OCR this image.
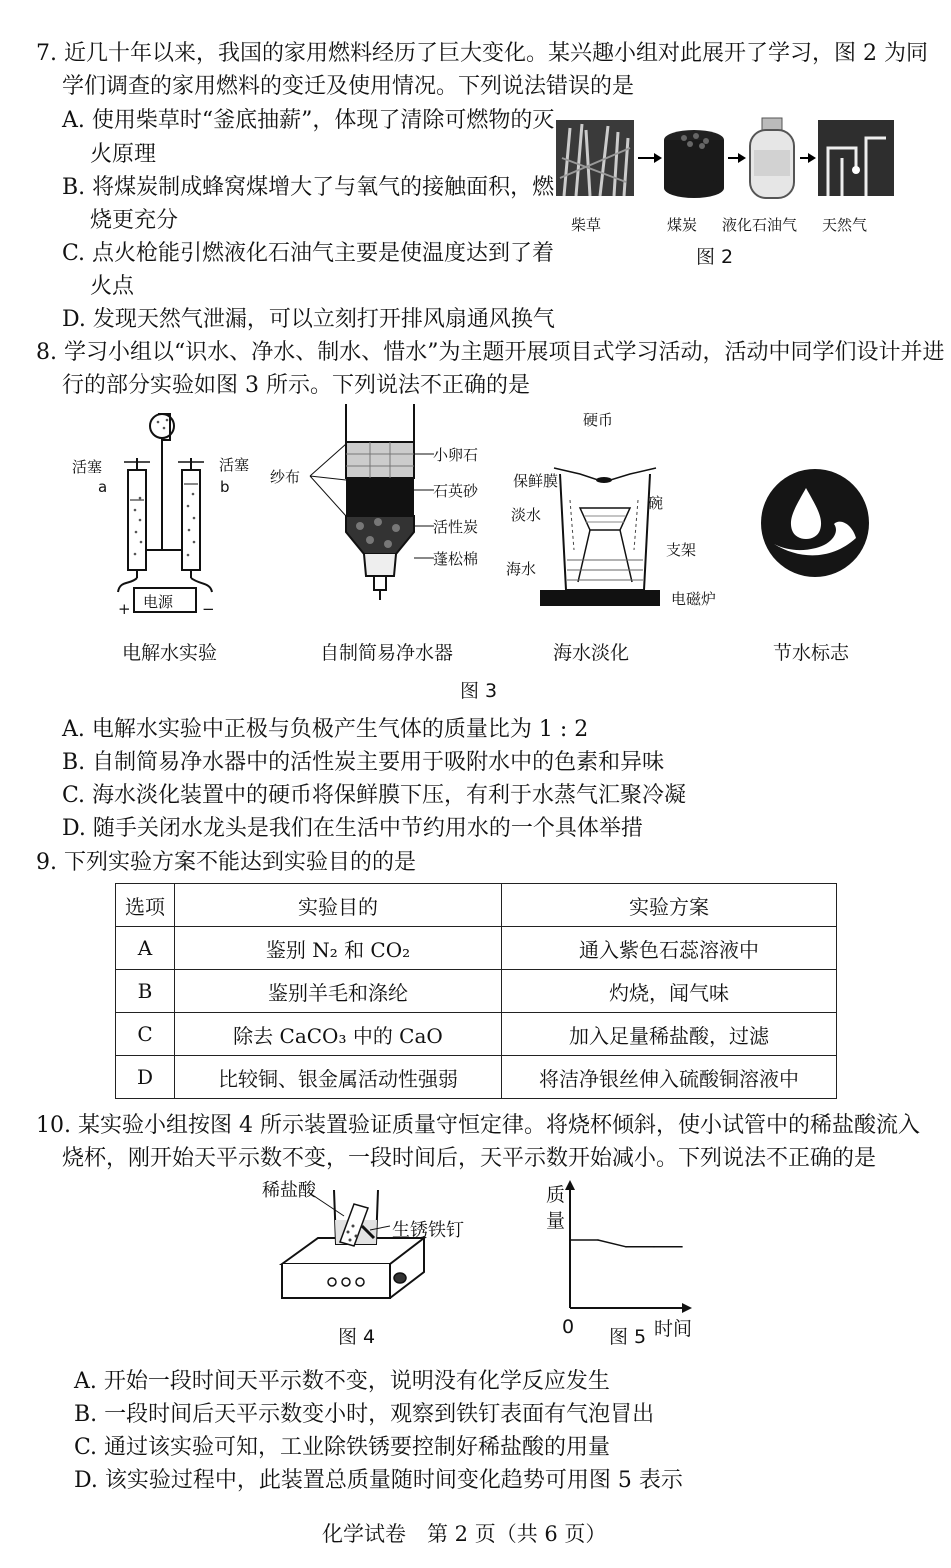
7. 近几十年以来，我国的家用燃料经历了巨大变化。某兴趣小组对此展开了学习，图 2 为同
学们调查的家用燃料的变迁及使用情况。下列说法错误的是
A. 使用柴草时“釜底抽薪”，体现了清除可燃物的灭
火原理
B. 将煤炭制成蜂窝煤增大了与氧气的接触面积，燃
烧更充分
C. 点火枪能引燃液化石油气主要是使温度达到了着
火点
D. 发现天然气泄漏，可以立刻打开排风扇通风换气
柴草	煤炭 液化石油气 天然气
图 2
8. 学习小组以“识水、净水、制水、惜水”为主题开展项目式学习活动，活动中同学们设计并进
行的部分实验如图 3 所示。下列说法不正确的是
活塞	活塞
a	b
电源
+	−
电解水实验
纱布
小卵石
石英砂
活性炭
蓬松棉
自制简易净水器
硬币
保鲜膜
碗
淡水
支架
海水
电磁炉
海水淡化	节水标志
图 3
A. 电解水实验中正极与负极产生气体的质量比为 1 : 2
B. 自制简易净水器中的活性炭主要用于吸附水中的色素和异味
C. 海水淡化装置中的硬币将保鲜膜下压，有利于水蒸气汇聚冷凝
D. 随手关闭水龙头是我们在生活中节约用水的一个具体举措
9. 下列实验方案不能达到实验目的的是
选项	实验目的	实验方案
A	鉴别 N₂ 和 CO₂	通入紫色石蕊溶液中
B	鉴别羊毛和涤纶	灼烧，闻气味
C	除去 CaCO₃ 中的 CaO	加入足量稀盐酸，过滤
D	比较铜、银金属活动性强弱	将洁净银丝伸入硫酸铜溶液中
10. 某实验小组按图 4 所示装置验证质量守恒定律。将烧杯倾斜，使小试管中的稀盐酸流入
烧杯，刚开始天平示数不变，一段时间后，天平示数开始减小。下列说法不正确的是
稀盐酸
生锈铁钉
图 4
质
量
0 图 5 时间
A. 开始一段时间天平示数不变，说明没有化学反应发生
B. 一段时间后天平示数变小时，观察到铁钉表面有气泡冒出
C. 通过该实验可知，工业除铁锈要控制好稀盐酸的用量
D. 该实验过程中，此装置总质量随时间变化趋势可用图 5 表示
化学试卷　第 2 页（共 6 页）
